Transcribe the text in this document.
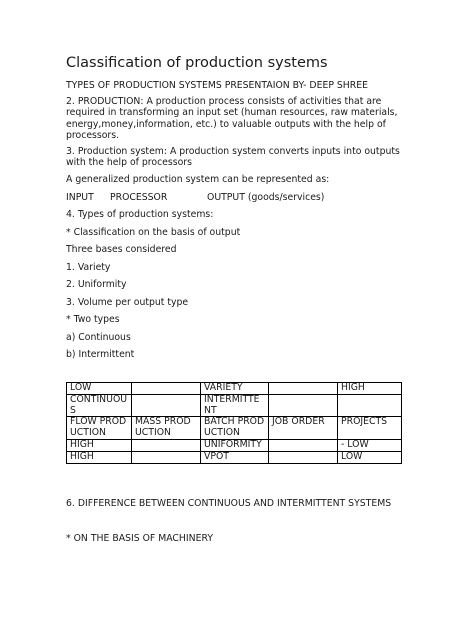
Classification of production systems
TYPES OF PRODUCTION SYSTEMS PRESENTAION BY- DEEP SHREE
2. PRODUCTION: A production process consists of activities that are required in transforming an input set (human resources, raw materials, energy,money,information, etc.) to valuable outputs with the help of processors.
3. Production system: A production system converts inputs into outputs with the help of processors
A generalized production system can be represented as:
INPUT	PROCESSOR	OUTPUT (goods/services)
4. Types of production systems:
* Classification on the basis of output
Three bases considered
1. Variety
2. Uniformity
3. Volume per output type
* Two types
a) Continuous
b) Intermittent
LOW		VARIETY		HIGH
CONTINUOUS		INTERMITTENT		
FLOW PRODUCTION	MASS PRODUCTION	BATCH PRODUCTION	JOB ORDER	PROJECTS
HIGH		UNIFORMITY		- LOW
HIGH		VPOT		LOW
6. DIFFERENCE BETWEEN CONTINUOUS AND INTERMITTENT SYSTEMS
* ON THE BASIS OF MACHINERY
